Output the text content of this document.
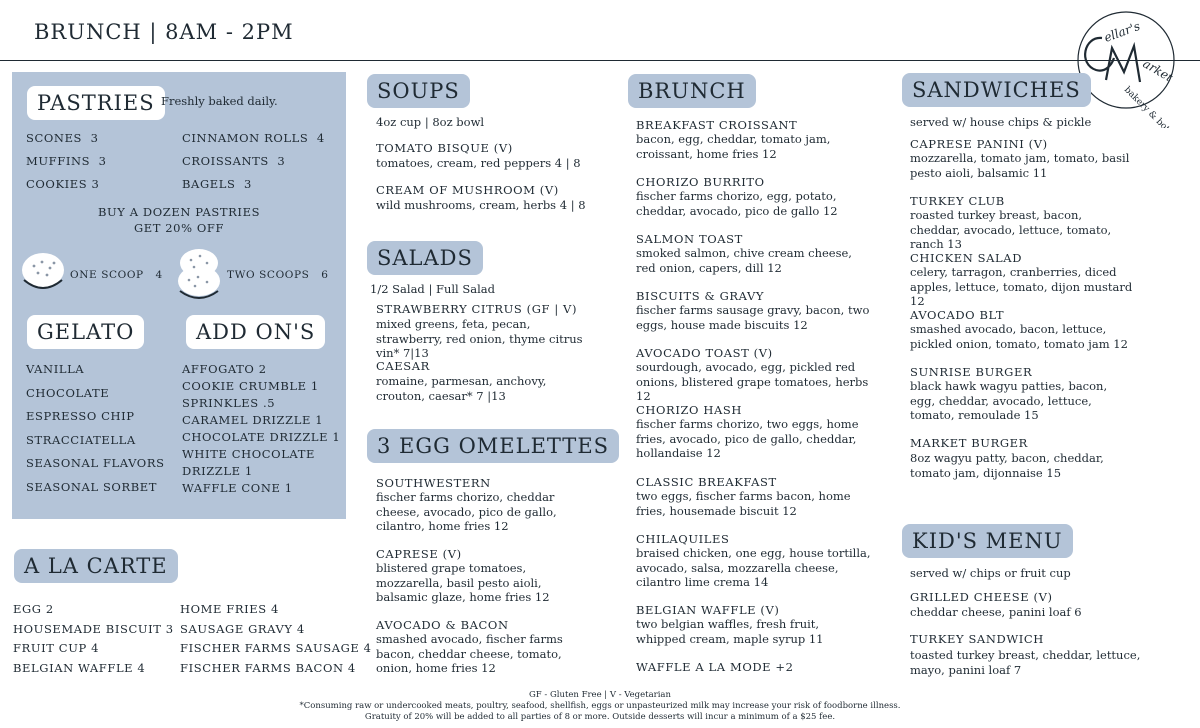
BRUNCH | 8AM - 2PM	ellar's
arket
bakery & bottle shop
PASTRIES Freshly baked daily.
SCONES 3
MUFFINS 3
COOKIES 3
CINNAMON ROLLS 4
CROISSANTS 3
BAGELS 3
BUY A DOZEN PASTRIES
GET 20% OFF
ONE SCOOP 4	TWO SCOOPS 6
GELATO
VANILLA
CHOCOLATE
ESPRESSO CHIP
STRACCIATELLA
SEASONAL FLAVORS
SEASONAL SORBET
ADD ON'S
AFFOGATO 2
COOKIE CRUMBLE 1
SPRINKLES .5
CARAMEL DRIZZLE 1
CHOCOLATE DRIZZLE 1
WHITE CHOCOLATE
DRIZZLE 1
WAFFLE CONE 1
A LA CARTE
EGG 2
HOUSEMADE BISCUIT 3
FRUIT CUP 4
BELGIAN WAFFLE 4
HOME FRIES 4
SAUSAGE GRAVY 4
FISCHER FARMS SAUSAGE 4
FISCHER FARMS BACON 4
SOUPS
4oz cup | 8oz bowl
TOMATO BISQUE (V)
tomatoes, cream, red peppers 4 | 8
CREAM OF MUSHROOM (V)
wild mushrooms, cream, herbs 4 | 8
SALADS
1/2 Salad | Full Salad
STRAWBERRY CITRUS (GF | V)
mixed greens, feta, pecan, strawberry, red onion, thyme citrus vin* 7|13
CAESAR
romaine, parmesan, anchovy, crouton, caesar* 7 |13
3 EGG OMELETTES
SOUTHWESTERN
fischer farms chorizo, cheddar cheese, avocado, pico de gallo, cilantro, home fries 12
CAPRESE (V)
blistered grape tomatoes, mozzarella, basil pesto aioli, balsamic glaze, home fries 12
AVOCADO & BACON
smashed avocado, fischer farms bacon, cheddar cheese, tomato, onion, home fries 12
BRUNCH
BREAKFAST CROISSANT
bacon, egg, cheddar, tomato jam, croissant, home fries 12
CHORIZO BURRITO
fischer farms chorizo, egg, potato, cheddar, avocado, pico de gallo 12
SALMON TOAST
smoked salmon, chive cream cheese, red onion, capers, dill 12
BISCUITS & GRAVY
fischer farms sausage gravy, bacon, two eggs, house made biscuits 12
AVOCADO TOAST (V)
sourdough, avocado, egg, pickled red onions, blistered grape tomatoes, herbs 12
CHORIZO HASH
fischer farms chorizo, two eggs, home fries, avocado, pico de gallo, cheddar, hollandaise 12
CLASSIC BREAKFAST
two eggs, fischer farms bacon, home fries, housemade biscuit 12
CHILAQUILES
braised chicken, one egg, house tortilla, avocado, salsa, mozzarella cheese, cilantro lime crema 14
BELGIAN WAFFLE (V)
two belgian waffles, fresh fruit, whipped cream, maple syrup 11
WAFFLE A LA MODE +2
SANDWICHES
served w/ house chips & pickle
CAPRESE PANINI (V)
mozzarella, tomato jam, tomato, basil pesto aioli, balsamic 11
TURKEY CLUB
roasted turkey breast, bacon, cheddar, avocado, lettuce, tomato, ranch 13
CHICKEN SALAD
celery, tarragon, cranberries, diced apples, lettuce, tomato, dijon mustard 12
AVOCADO BLT
smashed avocado, bacon, lettuce, pickled onion, tomato, tomato jam 12
SUNRISE BURGER
black hawk wagyu patties, bacon, egg, cheddar, avocado, lettuce, tomato, remoulade 15
MARKET BURGER
8oz wagyu patty, bacon, cheddar, tomato jam, dijonnaise 15
KID'S MENU
served w/ chips or fruit cup
GRILLED CHEESE (V)
cheddar cheese, panini loaf 6
TURKEY SANDWICH
toasted turkey breast, cheddar, lettuce, mayo, panini loaf 7
GF - Gluten Free | V - Vegetarian
*Consuming raw or undercooked meats, poultry, seafood, shellfish, eggs or unpasteurized milk may increase your risk of foodborne illness.
Gratuity of 20% will be added to all parties of 8 or more. Outside desserts will incur a minimum of a $25 fee.
